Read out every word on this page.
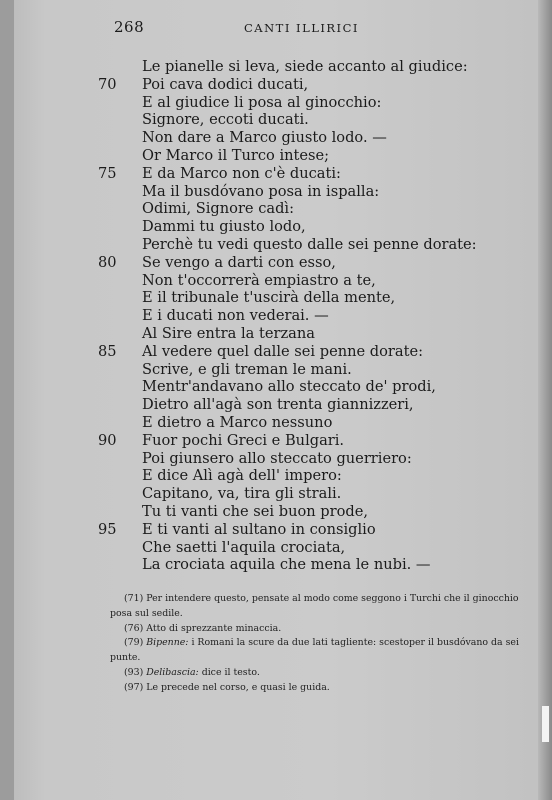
268	CANTI ILLIRICI
Le pianelle si leva, siede accanto al giudice:
70	Poi cava dodici ducati,
E al giudice li posa al ginocchio:
Signore, eccoti ducati.
Non dare a Marco giusto lodo. —
Or Marco il Turco intese;
75	E da Marco non c'è ducati:
Ma il busdóvano posa in ispalla:
Odimi, Signore cadì:
Dammi tu giusto lodo,
Perchè tu vedi questo dalle sei penne dorate:
80	Se vengo a darti con esso,
Non t'occorrerà empiastro a te,
E il tribunale t'uscirà della mente,
E i ducati non vederai. —
Al Sire entra la terzana
85	Al vedere quel dalle sei penne dorate:
Scrive, e gli treman le mani.
Mentr'andavano allo steccato de' prodi,
Dietro all'agà son trenta giannizzeri,
E dietro a Marco nessuno
90	Fuor pochi Greci e Bulgari.
Poi giunsero allo steccato guerriero:
E dice Alì agà dell' impero:
Capitano, va, tira gli strali.
Tu ti vanti che sei buon prode,
95	E ti vanti al sultano in consiglio
Che saetti l'aquila crociata,
La crociata aquila che mena le nubi. —

(71) Per intendere questo, pensate al modo come seggono i Turchi che il ginocchio posa sul sedile.

(76) Atto di sprezzante minaccia.

(79) Bipenne: i Romani la scure da due lati tagliente: scestoper il busdóvano da sei punte.

(93) Delibascia: dice il testo.

(97) Le precede nel corso, e quasi le guida.
